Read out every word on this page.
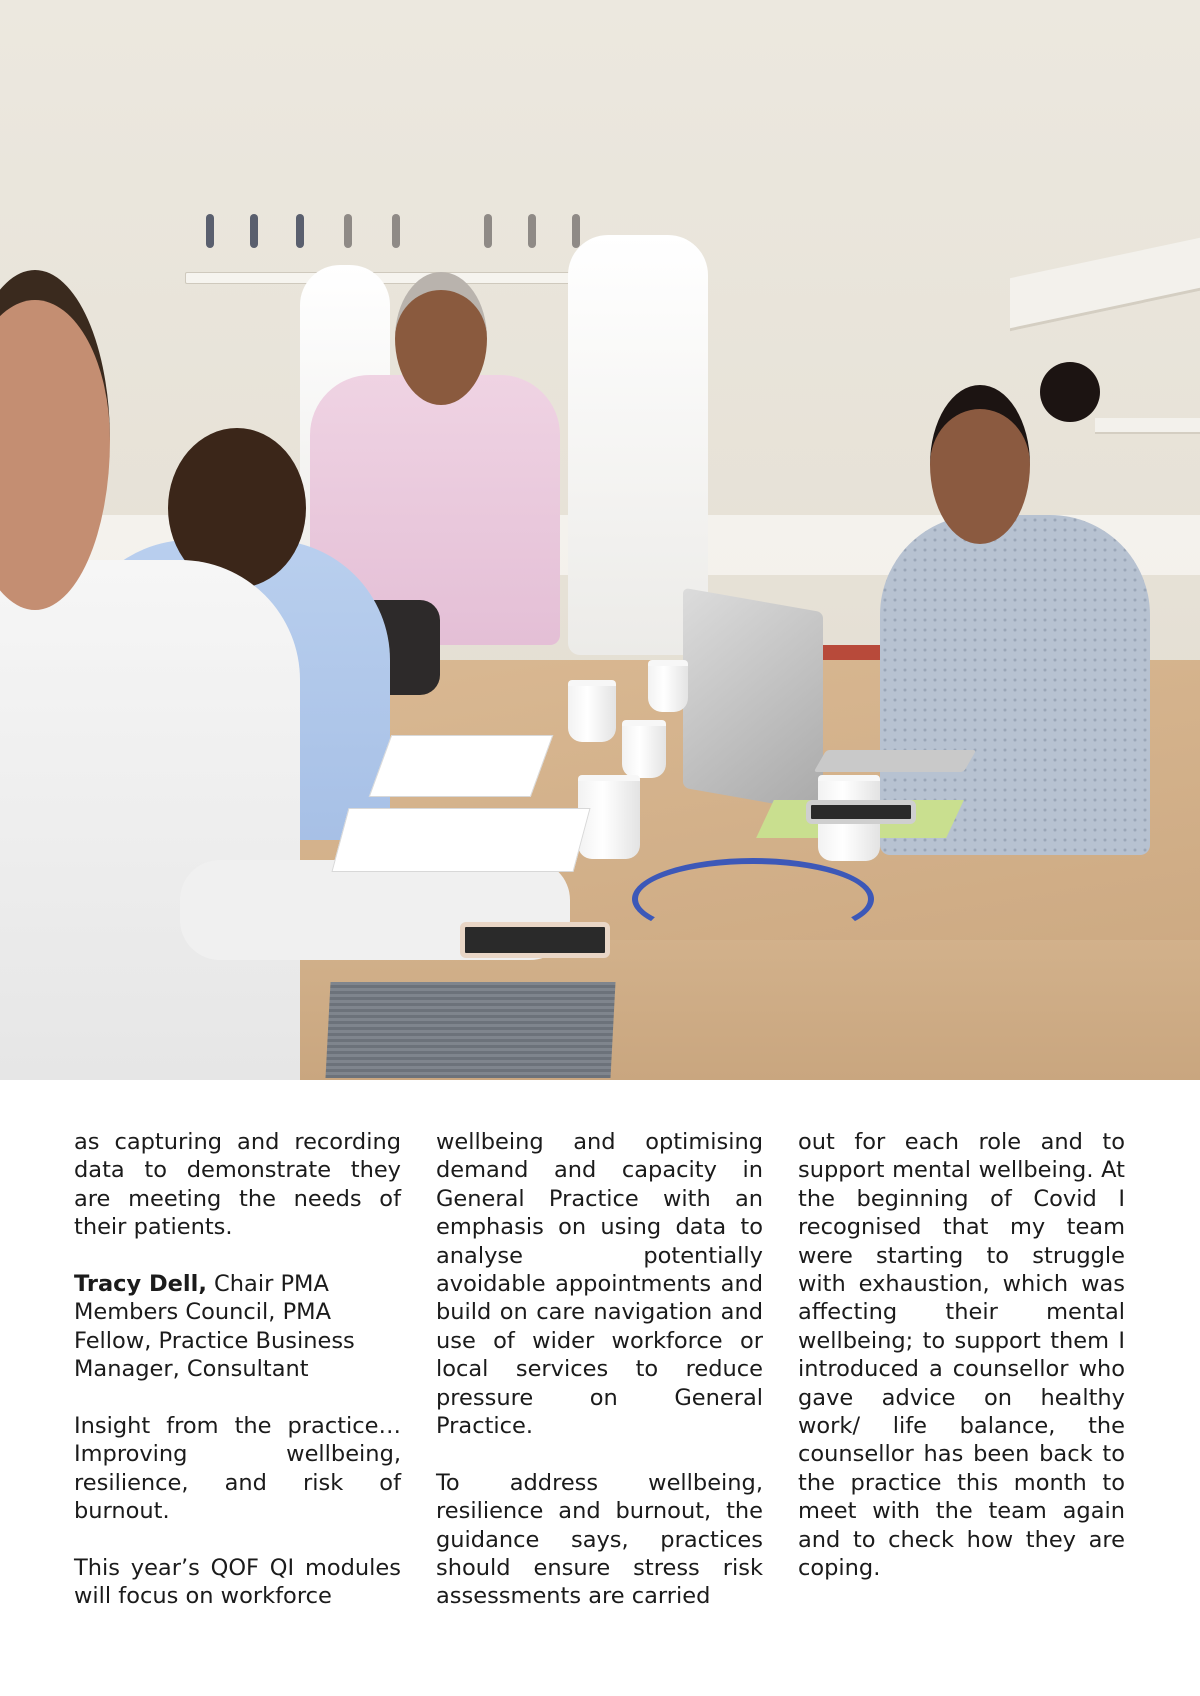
as capturing and recording data to demonstrate they are meeting the needs of their patients.

Tracy Dell, Chair PMA Members Council, PMA Fellow, Practice Business Manager, Consultant

Insight from the practice… Improving wellbeing, resilience, and risk of burnout.

This year’s QOF QI modules will focus on workforce

wellbeing and optimising demand and capacity in General Practice with an emphasis on using data to analyse potentially avoidable appointments and build on care navigation and use of wider workforce or local services to reduce pressure on General Practice.

To address wellbeing, resilience and burnout, the guidance says, practices should ensure stress risk assessments are carried

out for each role and to support mental wellbeing. At the beginning of Covid I recognised that my team were starting to struggle with exhaustion, which was affecting their mental wellbeing; to support them I introduced a counsellor who gave advice on healthy work/ life balance, the counsellor has been back to the practice this month to meet with the team again and to check how they are coping.
